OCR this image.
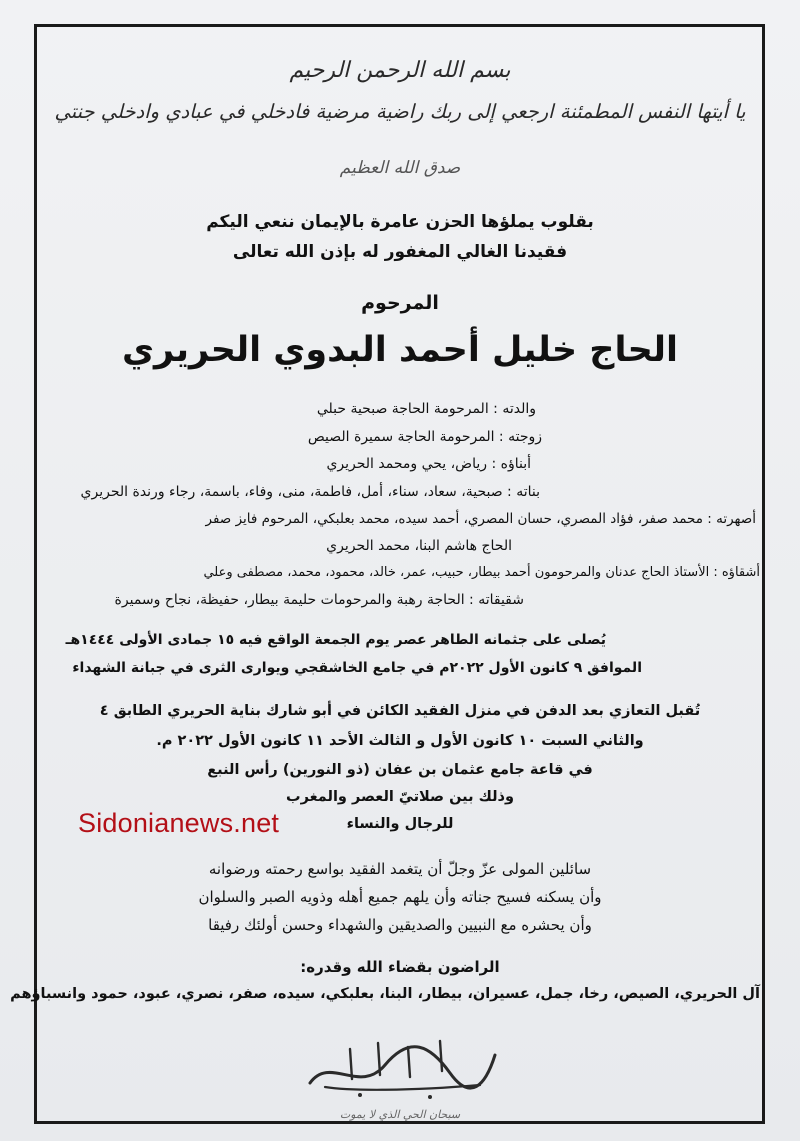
بسم الله الرحمن الرحيم
يا أيتها النفس المطمئنة ارجعي إلى ربك راضية مرضية فادخلي في عبادي وادخلي جنتي
صدق الله العظيم
بقلوب يملؤها الحزن عامرة بالإيمان ننعي اليكم
فقيدنا الغالي المغفور له بإذن الله تعالى
المرحوم
الحاج خليل أحمد البدوي الحريري
والدته : المرحومة الحاجة صبحية حبلي
زوجته : المرحومة الحاجة سميرة الصيص
أبناؤه : رياض، يحي ومحمد الحريري
بناته : صبحية، سعاد، سناء، أمل، فاطمة، منى، وفاء، باسمة، رجاء ورندة الحريري
أصهرته : محمد صفر، فؤاد المصري، حسان المصري، أحمد سيده، محمد بعلبكي، المرحوم فايز صفر
الحاج هاشم البنا، محمد الحريري
أشقاؤه : الأستاذ الحاج عدنان والمرحومون أحمد بيطار، حبيب، عمر، خالد، محمود، محمد، مصطفى وعلي
شقيقاته : الحاجة رهبة والمرحومات حليمة بيطار، حفيظة، نجاح وسميرة
يُصلى على جثمانه الطاهر عصر يوم الجمعة الواقع فيه ١٥ جمادى الأولى ١٤٤٤هـ
الموافق ٩ كانون الأول ٢٠٢٢م في جامع الخاشقجي ويوارى الثرى في جبانة الشهداء
تُقبل التعازي بعد الدفن في منزل الفقيد الكائن في أبو شارك بناية الحريري الطابق ٤
والثاني السبت ١٠ كانون الأول و الثالث الأحد ١١ كانون الأول ٢٠٢٢ م.
في قاعة جامع عثمان بن عفان (ذو النورين) رأس النبع
وذلك بين صلاتيّ العصر والمغرب
للرجال والنساء
سائلين المولى عزّ وجلّ أن يتغمد الفقيد بواسع رحمته ورضوانه
وأن يسكنه فسيح جناته وأن يلهم جميع أهله وذويه الصبر والسلوان
وأن يحشره مع النبيين والصديقين والشهداء وحسن أولئك رفيقا
الراضون بقضاء الله وقدره:
آل الحريري، الصيص، رخا، جمل، عسيران، بيطار، البنا، بعلبكي، سيده، صفر، نصري، عبود، حمود وانسباؤهم
سبحان الحي الذي لا يموت
Sidonianews.net
